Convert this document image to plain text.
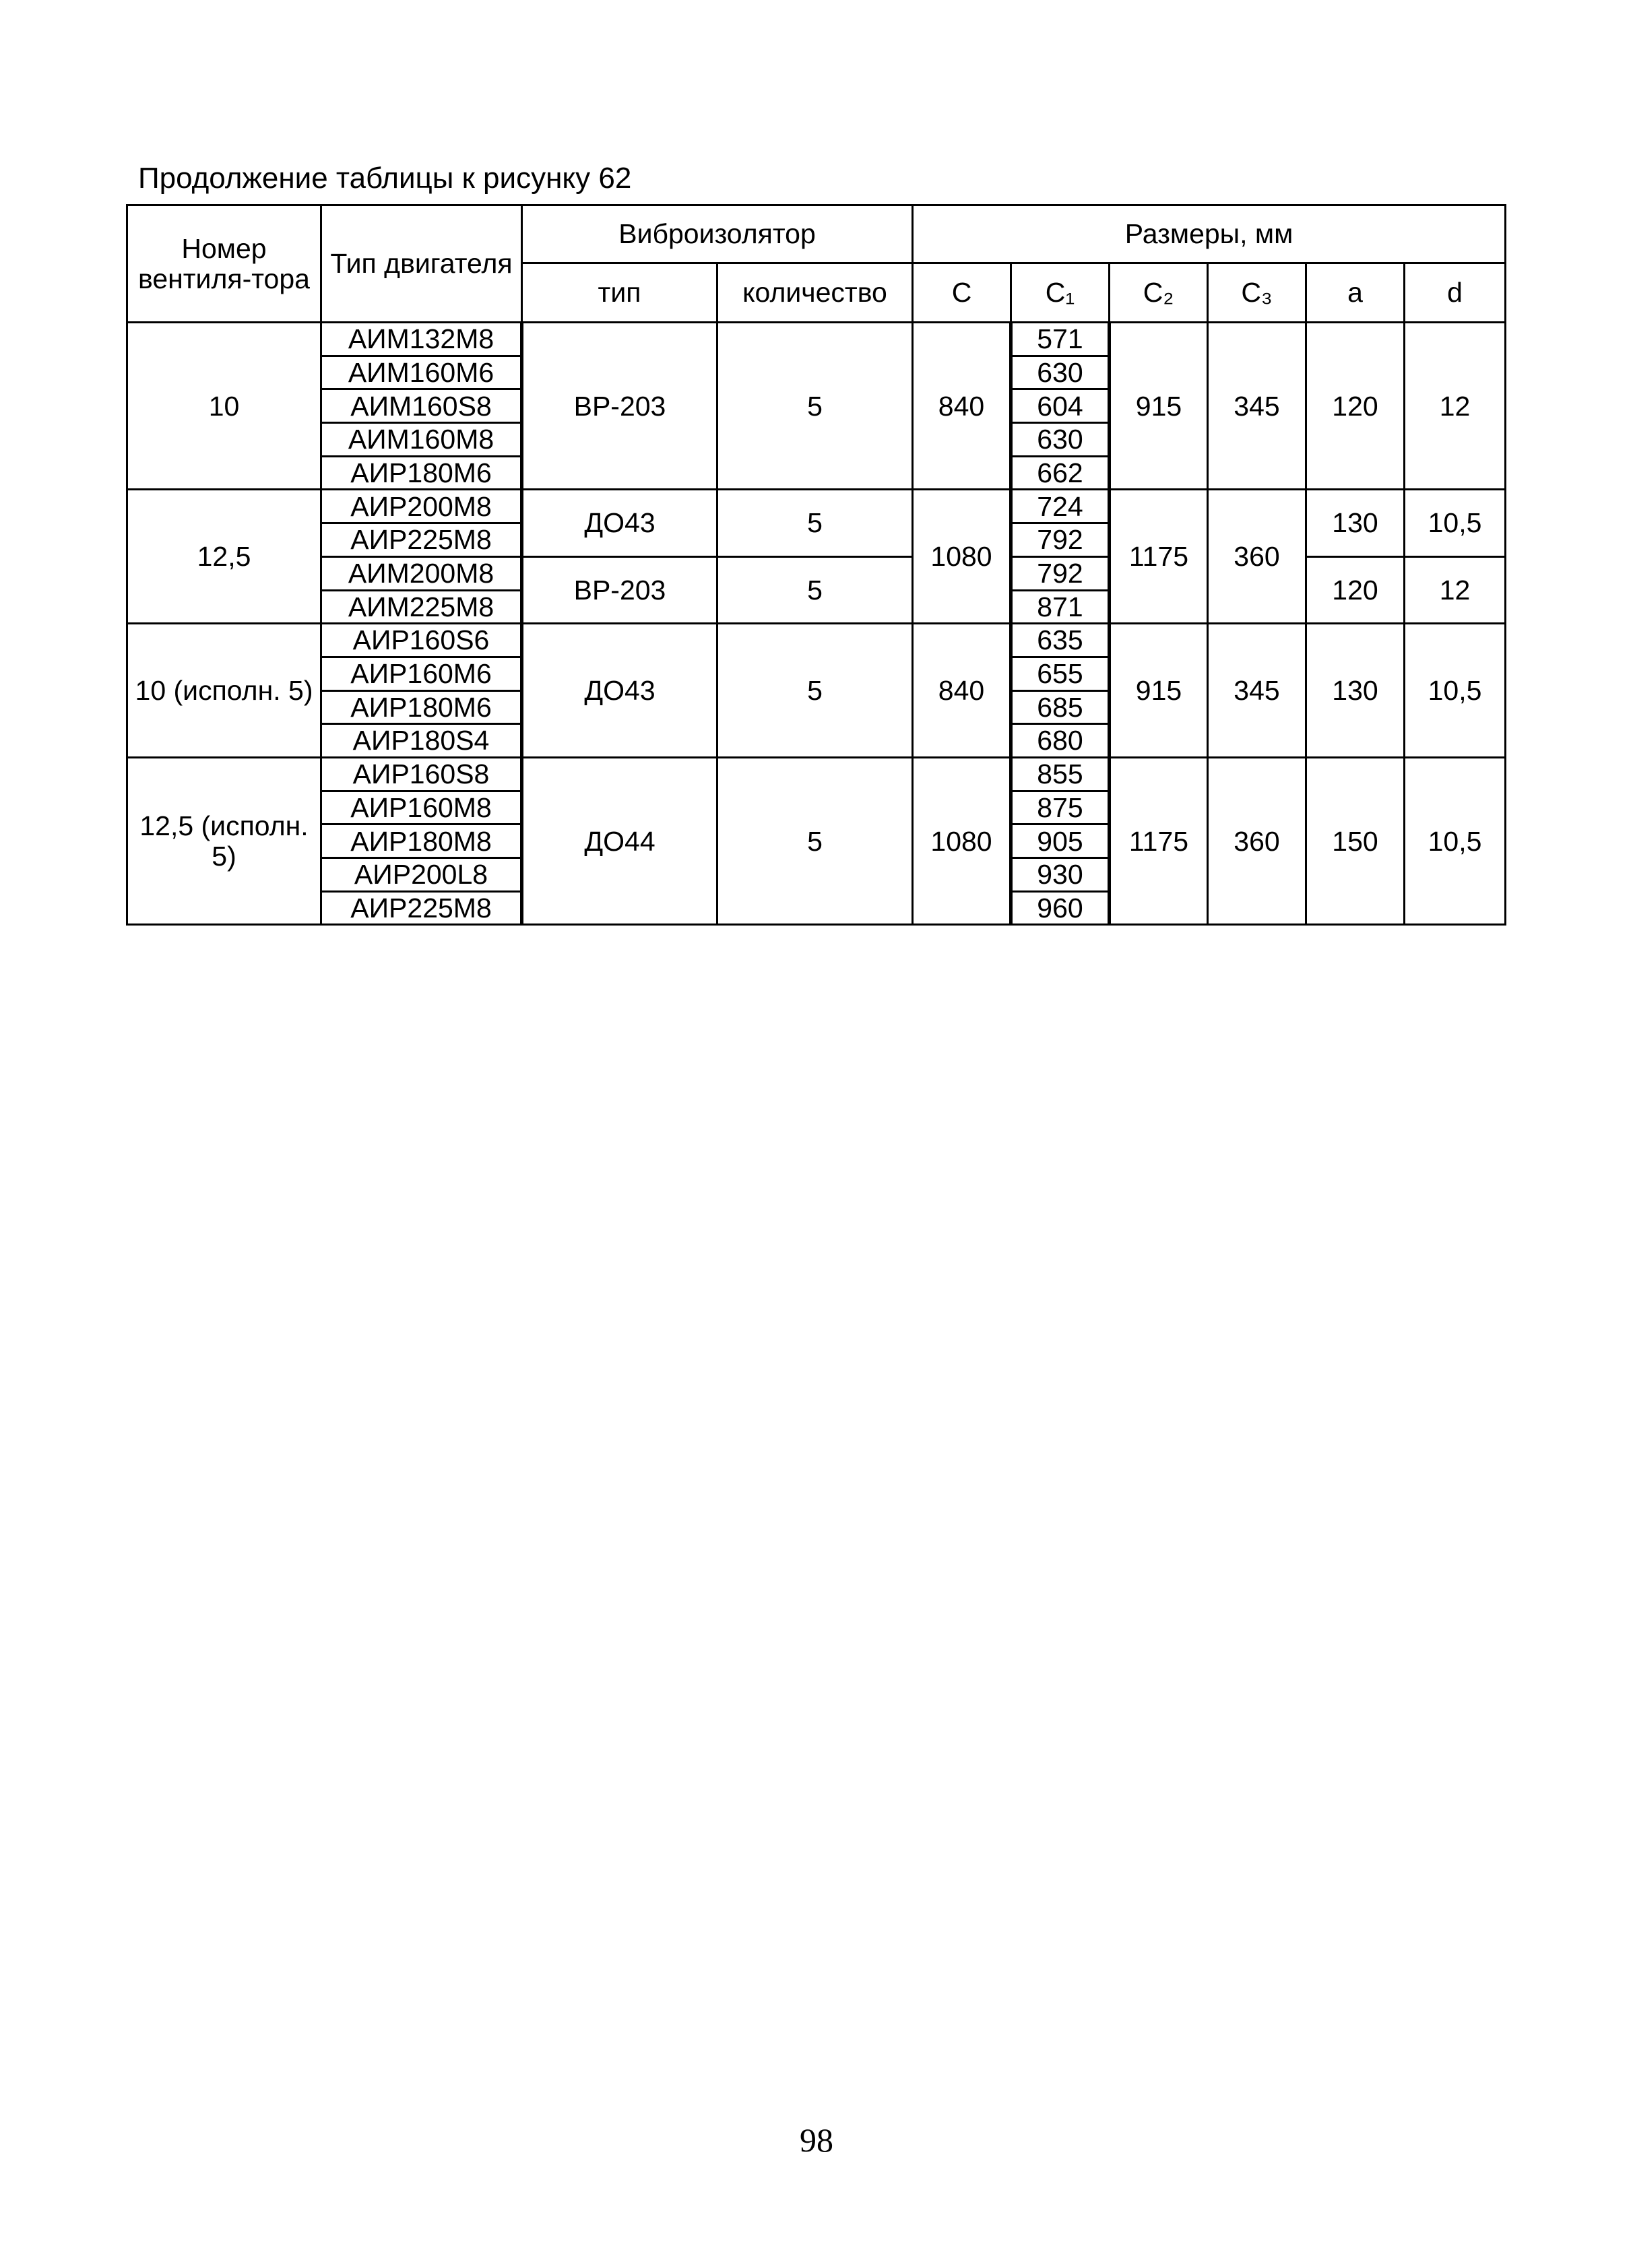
Продолжение таблицы к рисунку 62
Номер вентиля-тора	Тип двигателя	Виброизолятор		Размеры, мм					
		тип	количество	С	С₁	С₂	С₃	а	d
10	АИМ132М8	ВР-203	5	840	571	915	345	120	12
	АИМ160М6				630				
	АИМ160S8				604				
	АИМ160М8				630				
	АИР180М6				662				
12,5	АИР200М8	ДО43	5	1080	724	1175	360	130	10,5
	АИР225М8				792				
	АИМ200М8	ВР-203	5		792			120	12
	АИМ225М8				871				
10 (исполн. 5)	АИР160S6	ДО43	5	840	635	915	345	130	10,5
	АИР160М6				655				
	АИР180М6				685				
	АИР180S4				680				
12,5 (исполн. 5)	АИР160S8	ДО44	5	1080	855	1175	360	150	10,5
	АИР160М8				875				
	АИР180М8				905				
	АИР200L8				930				
	АИР225М8				960				
98
